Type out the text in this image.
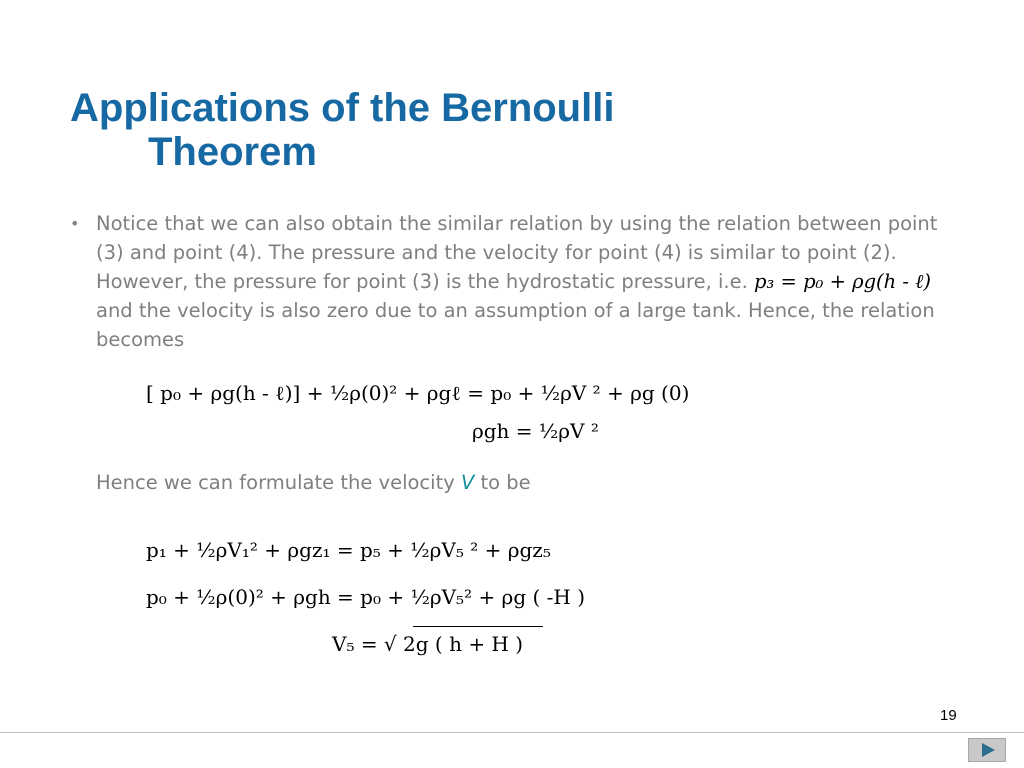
Applications of the Bernoulli
Theorem
• Notice that we can also obtain the similar relation by using the relation between point (3) and point (4). The pressure and the velocity for point (4) is similar to point (2). However, the pressure for point (3) is the hydrostatic pressure, i.e. p₃ = p₀ + ρg(h - ℓ) and the velocity is also zero due to an assumption of a large tank. Hence, the relation becomes

[ p₀ + ρg(h - ℓ)] + ½ρ(0)² + ρgℓ = p₀ + ½ρV ² + ρg (0)

ρgh = ½ρV ²

Hence we can formulate the velocity V to be

p₁ + ½ρV₁² + ρgz₁ = p₅ + ½ρV₅ ² + ρgz₅

p₀ + ½ρ(0)² + ρgh = p₀ + ½ρV₅² + ρg ( -H )

V₅ = √ 2g ( h + H )

19
